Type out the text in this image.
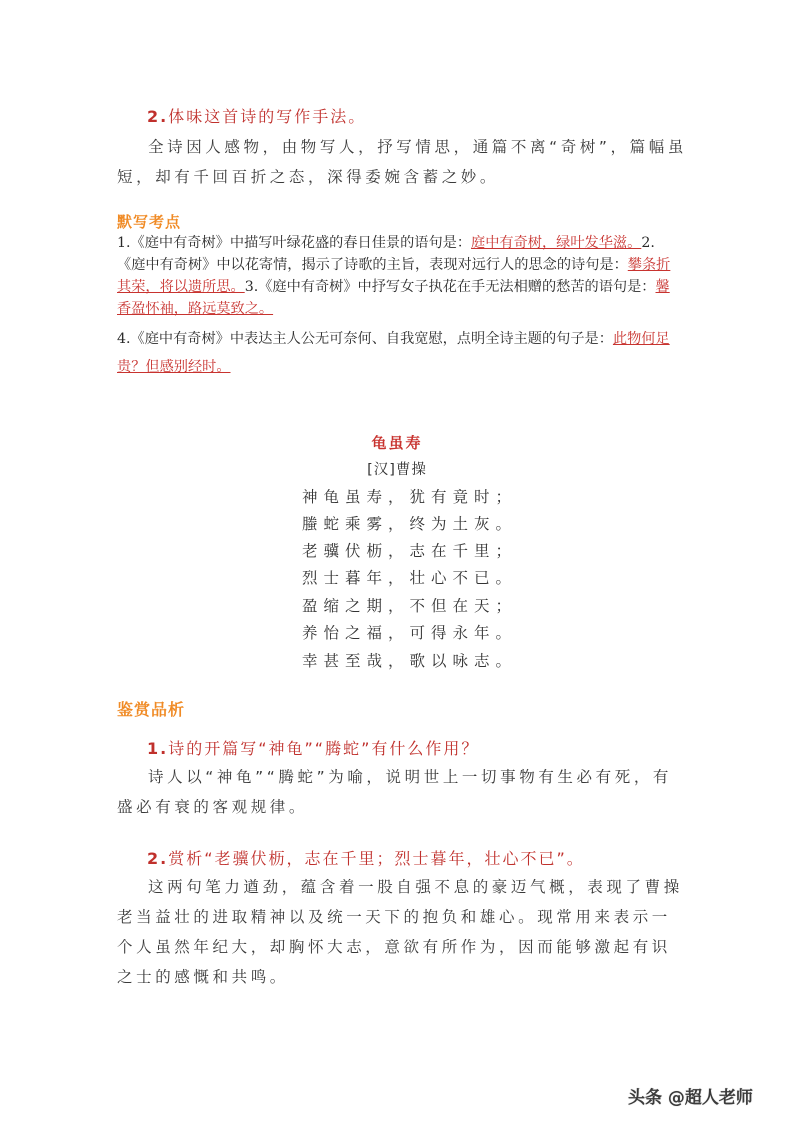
2.体味这首诗的写作手法。

全诗因人感物，由物写人，抒写情思，通篇不离“奇树”，篇幅虽短，却有千回百折之态，深得委婉含蓄之妙。

默写考点

1.《庭中有奇树》中描写叶绿花盛的春日佳景的语句是：庭中有奇树，绿叶发华滋。2.《庭中有奇树》中以花寄情，揭示了诗歌的主旨，表现对远行人的思念的诗句是：攀条折其荣，将以遗所思。3.《庭中有奇树》中抒写女子执花在手无法相赠的愁苦的语句是：馨香盈怀袖，路远莫致之。

4.《庭中有奇树》中表达主人公无可奈何、自我宽慰，点明全诗主题的句子是：此物何足贵？但感别经时。

龟虽寿
[汉]曹操
神龟虽寿，犹有竟时；
螣蛇乘雾，终为土灰。
老骥伏枥，志在千里；
烈士暮年，壮心不已。
盈缩之期，不但在天；
养怡之福，可得永年。
幸甚至哉，歌以咏志。
鉴赏品析
1.诗的开篇写“神龟”“腾蛇”有什么作用？

诗人以“神龟”“腾蛇”为喻，说明世上一切事物有生必有死，有盛必有衰的客观规律。

2.赏析“老骥伏枥，志在千里；烈士暮年，壮心不已”。

这两句笔力遒劲，蕴含着一股自强不息的豪迈气概，表现了曹操老当益壮的进取精神以及统一天下的抱负和雄心。现常用来表示一个人虽然年纪大，却胸怀大志，意欲有所作为，因而能够激起有识之士的感慨和共鸣。

头条 @超人老师
